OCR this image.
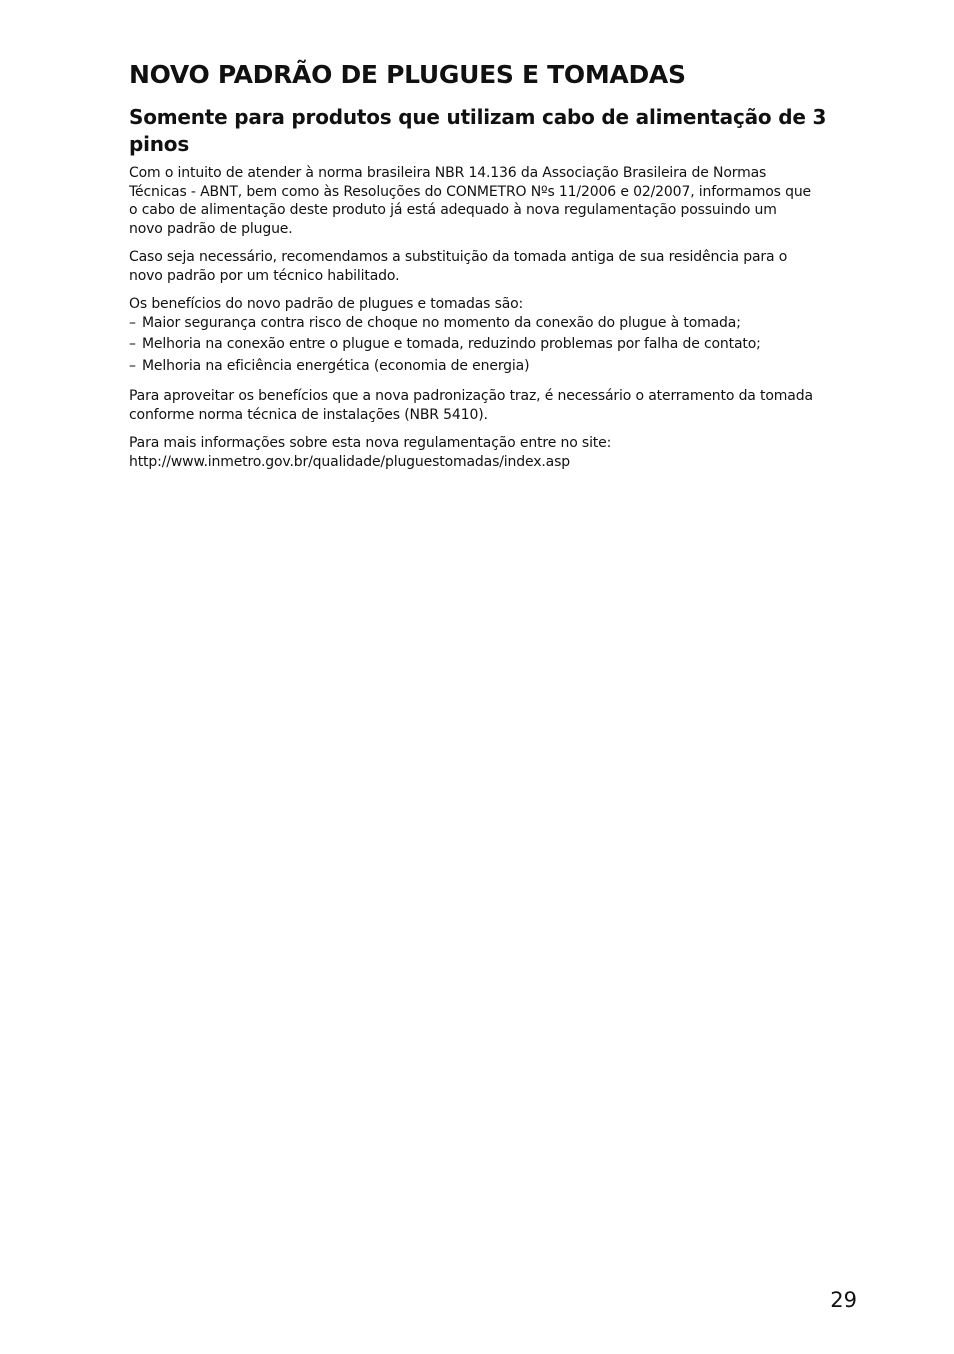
NOVO PADRÃO DE PLUGUES E TOMADAS
Somente para produtos que utilizam cabo de alimentação de 3
pinos

Com o intuito de atender à norma brasileira NBR 14.136 da Associação Brasileira de Normas
Técnicas - ABNT, bem como às Resoluções do CONMETRO Nºs 11/2006 e 02/2007, informamos que
o cabo de alimentação deste produto já está adequado à nova regulamentação possuindo um
novo padrão de plugue.

Caso seja necessário, recomendamos a substituição da tomada antiga de sua residência para o
novo padrão por um técnico habilitado.

Os benefícios do novo padrão de plugues e tomadas são:

– Maior segurança contra risco de choque no momento da conexão do plugue à tomada;
– Melhoria na conexão entre o plugue e tomada, reduzindo problemas por falha de contato;
– Melhoria na eficiência energética (economia de energia)

Para aproveitar os benefícios que a nova padronização traz, é necessário o aterramento da tomada
conforme norma técnica de instalações (NBR 5410).

Para mais informações sobre esta nova regulamentação entre no site:
http://www.inmetro.gov.br/qualidade/pluguestomadas/index.asp

29
